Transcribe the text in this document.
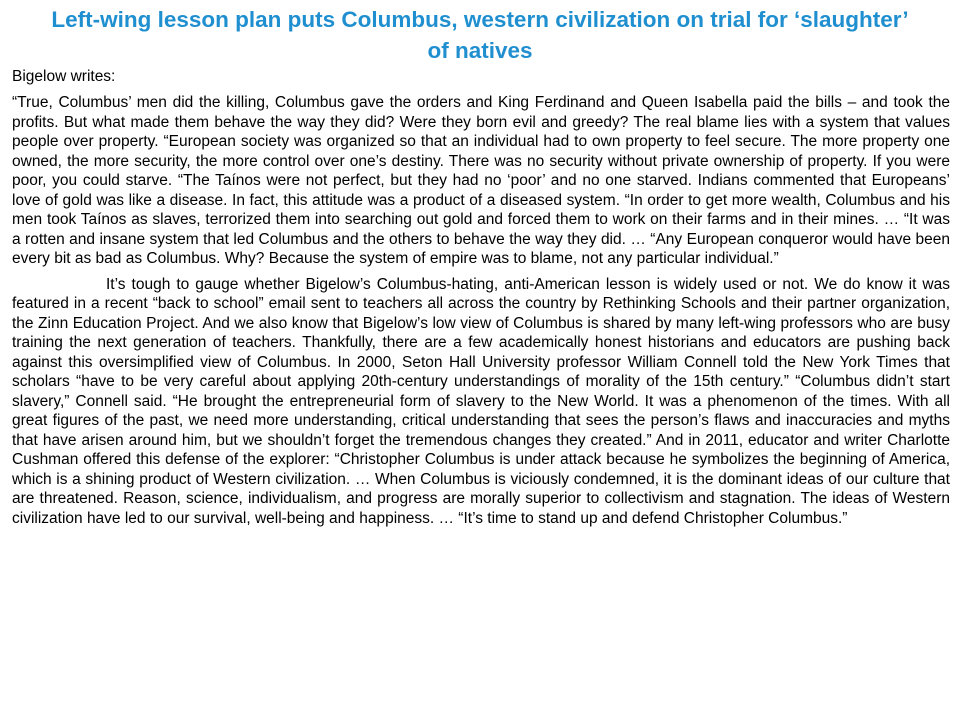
Left-wing lesson plan puts Columbus, western civilization on trial for ‘slaughter’ of natives

Bigelow writes:

“True, Columbus’ men did the killing, Columbus gave the orders and King Ferdinand and Queen Isabella paid the bills – and took the profits. But what made them behave the way they did? Were they born evil and greedy? The real blame lies with a system that values people over property. “European society was organized so that an individual had to own property to feel secure. The more property one owned, the more security, the more control over one’s destiny. There was no security without private ownership of property. If you were poor, you could starve. “The Taínos were not perfect, but they had no ‘poor’ and no one starved. Indians commented that Europeans’ love of gold was like a disease. In fact, this attitude was a product of a diseased system. “In order to get more wealth, Columbus and his men took Taínos as slaves, terrorized them into searching out gold and forced them to work on their farms and in their mines. … “It was a rotten and insane system that led Columbus and the others to behave the way they did. … “Any European conqueror would have been every bit as bad as Columbus. Why? Because the system of empire was to blame, not any particular individual.”

It’s tough to gauge whether Bigelow’s Columbus-hating, anti-American lesson is widely used or not. We do know it was featured in a recent “back to school” email sent to teachers all across the country by Rethinking Schools and their partner organization, the Zinn Education Project. And we also know that Bigelow’s low view of Columbus is shared by many left-wing professors who are busy training the next generation of teachers. Thankfully, there are a few academically honest historians and educators are pushing back against this oversimplified view of Columbus. In 2000, Seton Hall University professor William Connell told the New York Times that scholars “have to be very careful about applying 20th-century understandings of morality of the 15th century.” “Columbus didn’t start slavery,” Connell said. “He brought the entrepreneurial form of slavery to the New World. It was a phenomenon of the times. With all great figures of the past, we need more understanding, critical understanding that sees the person’s flaws and inaccuracies and myths that have arisen around him, but we shouldn’t forget the tremendous changes they created.” And in 2011, educator and writer Charlotte Cushman offered this defense of the explorer: “Christopher Columbus is under attack because he symbolizes the beginning of America, which is a shining product of Western civilization. … When Columbus is viciously condemned, it is the dominant ideas of our culture that are threatened. Reason, science, individualism, and progress are morally superior to collectivism and stagnation. The ideas of Western civilization have led to our survival, well-being and happiness. … “It’s time to stand up and defend Christopher Columbus.”
